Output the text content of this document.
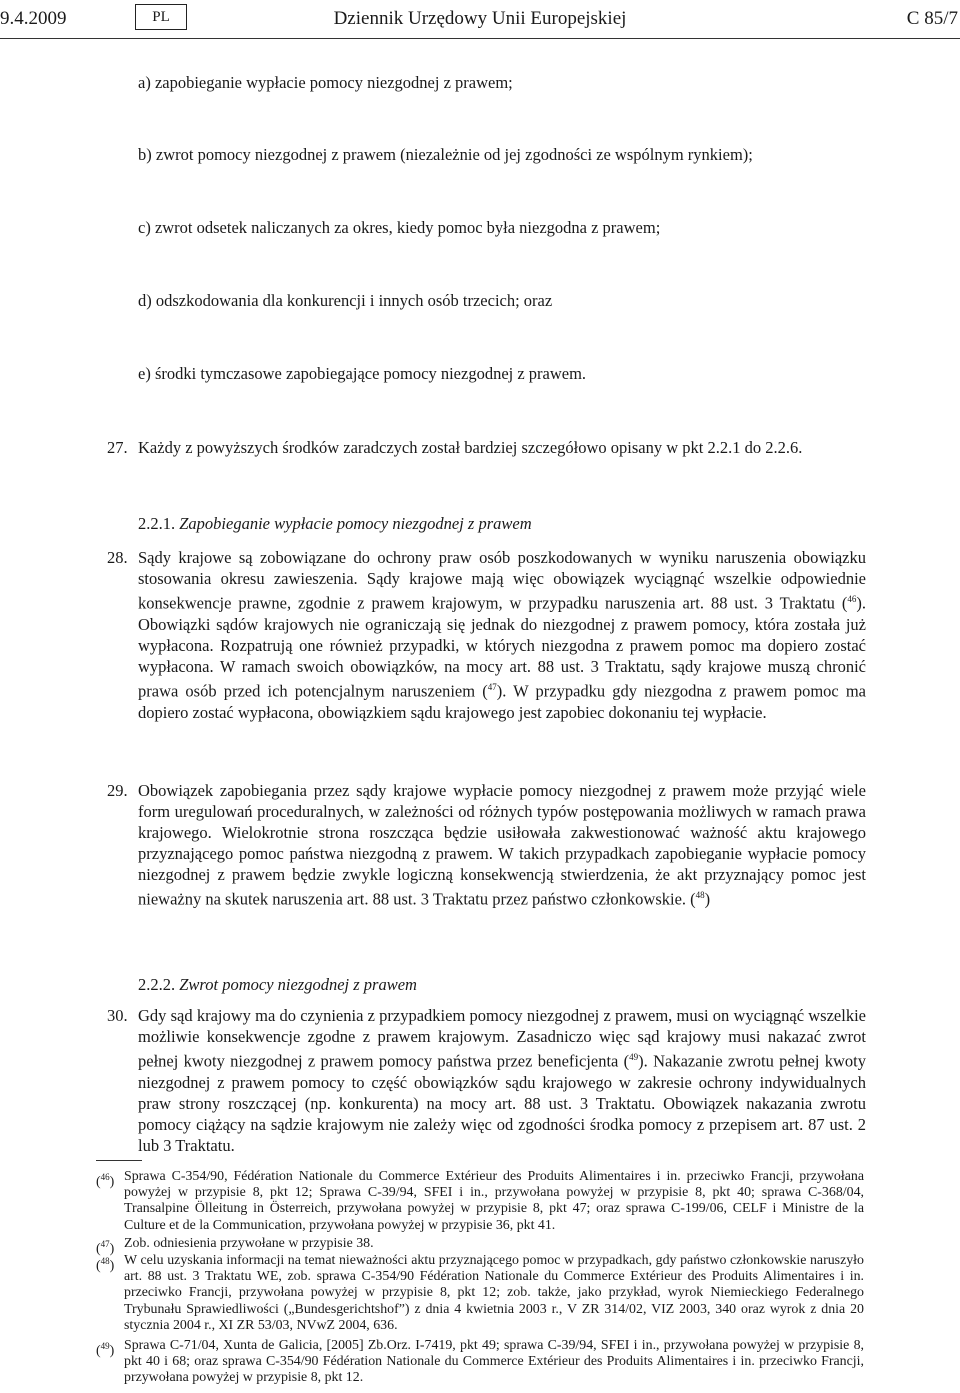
9.4.2009	PL	Dziennik Urzędowy Unii Europejskiej	C 85/7
a) zapobieganie wypłacie pomocy niezgodnej z prawem;
b) zwrot pomocy niezgodnej z prawem (niezależnie od jej zgodności ze wspólnym rynkiem);
c) zwrot odsetek naliczanych za okres, kiedy pomoc była niezgodna z prawem;
d) odszkodowania dla konkurencji i innych osób trzecich; oraz
e) środki tymczasowe zapobiegające pomocy niezgodnej z prawem.
27. Każdy z powyższych środków zaradczych został bardziej szczegółowo opisany w pkt 2.2.1 do 2.2.6.
2.2.1. Zapobieganie wypłacie pomocy niezgodnej z prawem
28. Sądy krajowe są zobowiązane do ochrony praw osób poszkodowanych w wyniku naruszenia obowiązku stosowania okresu zawieszenia. Sądy krajowe mają więc obowiązek wyciągnąć wszelkie odpowiednie konsekwencje prawne, zgodnie z prawem krajowym, w przypadku naruszenia art. 88 ust. 3 Traktatu ($^{46}$). Obowiązki sądów krajowych nie ograniczają się jednak do niezgodnej z prawem pomocy, która została już wypłacona. Rozpatrują one również przypadki, w których niezgodna z prawem pomoc ma dopiero zostać wypłacona. W ramach swoich obowiązków, na mocy art. 88 ust. 3 Traktatu, sądy krajowe muszą chronić prawa osób przed ich potencjalnym naruszeniem ($^{47}$). W przypadku gdy niezgodna z prawem pomoc ma dopiero zostać wypłacona, obowiązkiem sądu krajowego jest zapobiec dokonaniu tej wypłacie.
29. Obowiązek zapobiegania przez sądy krajowe wypłacie pomocy niezgodnej z prawem może przyjąć wiele form uregulowań proceduralnych, w zależności od różnych typów postępowania możliwych w ramach prawa krajowego. Wielokrotnie strona roszcząca będzie usiłowała zakwestionować ważność aktu krajowego przyznającego pomoc państwa niezgodną z prawem. W takich przypadkach zapobieganie wypłacie pomocy niezgodnej z prawem będzie zwykle logiczną konsekwencją stwierdzenia, że akt przyznający pomoc jest nieważny na skutek naruszenia art. 88 ust. 3 Traktatu przez państwo członkowskie. ($^{48}$)
2.2.2. Zwrot pomocy niezgodnej z prawem
30. Gdy sąd krajowy ma do czynienia z przypadkiem pomocy niezgodnej z prawem, musi on wyciągnąć wszelkie możliwie konsekwencje zgodne z prawem krajowym. Zasadniczo więc sąd krajowy musi nakazać zwrot pełnej kwoty niezgodnej z prawem pomocy państwa przez beneficjenta ($^{49}$). Nakazanie zwrotu pełnej kwoty niezgodnej z prawem pomocy to część obowiązków sądu krajowego w zakresie ochrony indywidualnych praw strony roszczącej (np. konkurenta) na mocy art. 88 ust. 3 Traktatu. Obowiązek nakazania zwrotu pomocy ciążący na sądzie krajowym nie zależy więc od zgodności środka pomocy z przepisem art. 87 ust. 2 lub 3 Traktatu.
($^{46}$) Sprawa C-354/90, Fédération Nationale du Commerce Extérieur des Produits Alimentaires i in. przeciwko Francji, przywołana powyżej w przypisie 8, pkt 12; Sprawa C-39/94, SFEI i in., przywołana powyżej w przypisie 8, pkt 40; sprawa C-368/04, Transalpine Ölleitung in Österreich, przywołana powyżej w przypisie 8, pkt 47; oraz sprawa C-199/06, CELF i Ministre de la Culture et de la Communication, przywołana powyżej w przypisie 36, pkt 41.
($^{47}$) Zob. odniesienia przywołane w przypisie 38.
($^{48}$) W celu uzyskania informacji na temat nieważności aktu przyznającego pomoc w przypadkach, gdy państwo członkowskie naruszyło art. 88 ust. 3 Traktatu WE, zob. sprawa C-354/90 Fédération Nationale du Commerce Extérieur des Produits Alimentaires i in. przeciwko Francji, przywołana powyżej w przypisie 8, pkt 12; zob. także, jako przykład, wyrok Niemieckiego Federalnego Trybunału Sprawiedliwości („Bundesgerichtshof”) z dnia 4 kwietnia 2003 r., V ZR 314/02, VIZ 2003, 340 oraz wyrok z dnia 20 stycznia 2004 r., XI ZR 53/03, NVwZ 2004, 636.
($^{49}$) Sprawa C-71/04, Xunta de Galicia, [2005] Zb.Orz. I-7419, pkt 49; sprawa C-39/94, SFEI i in., przywołana powyżej w przypisie 8, pkt 40 i 68; oraz sprawa C-354/90 Fédération Nationale du Commerce Extérieur des Produits Alimentaires i in. przeciwko Francji, przywołana powyżej w przypisie 8, pkt 12.
